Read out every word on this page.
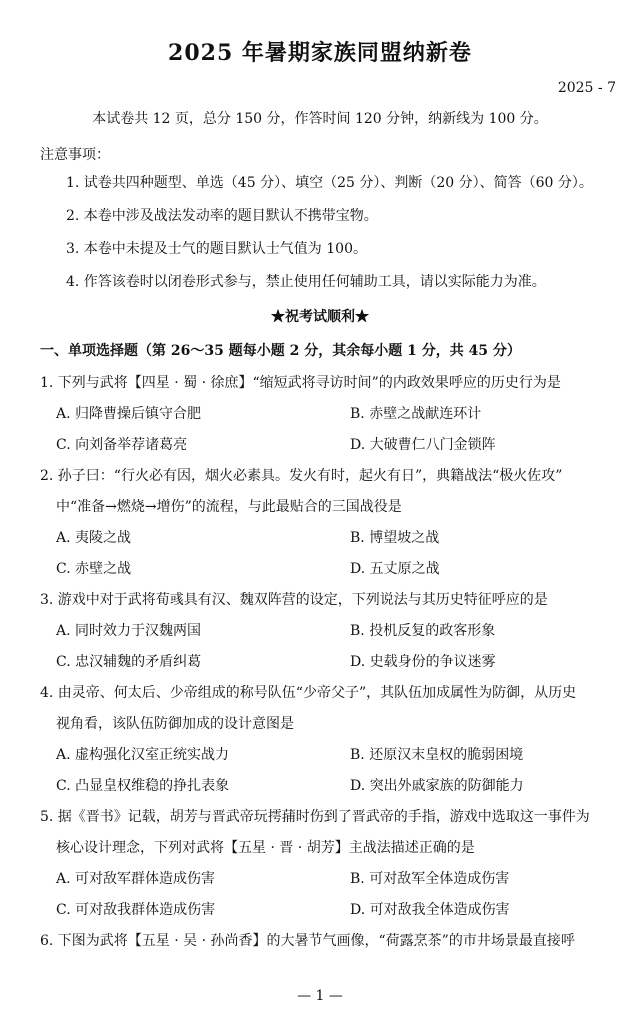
2025 年暑期家族同盟纳新卷
2025 - 7
本试卷共 12 页，总分 150 分，作答时间 120 分钟，纳新线为 100 分。
注意事项：
1. 试卷共四种题型、单选（45 分）、填空（25 分）、判断（20 分）、简答（60 分）。
2. 本卷中涉及战法发动率的题目默认不携带宝物。
3. 本卷中未提及士气的题目默认士气值为 100。
4. 作答该卷时以闭卷形式参与，禁止使用任何辅助工具，请以实际能力为准。
★祝考试顺利★
一、单项选择题（第 26～35 题每小题 2 分，其余每小题 1 分，共 45 分）
1. 下列与武将【四星 · 蜀 · 徐庶】“缩短武将寻访时间”的内政效果呼应的历史行为是
A. 归降曹操后镇守合肥	B. 赤壁之战献连环计
C. 向刘备举荐诸葛亮	D. 大破曹仁八门金锁阵
2. 孙子曰：“行火必有因，烟火必素具。发火有时，起火有日”，典籍战法“极火佐攻”
中“准备→燃烧→增伤”的流程，与此最贴合的三国战役是
A. 夷陵之战	B. 博望坡之战
C. 赤壁之战	D. 五丈原之战
3. 游戏中对于武将荀彧具有汉、魏双阵营的设定，下列说法与其历史特征呼应的是
A. 同时效力于汉魏两国	B. 投机反复的政客形象
C. 忠汉辅魏的矛盾纠葛	D. 史载身份的争议迷雾
4. 由灵帝、何太后、少帝组成的称号队伍“少帝父子”，其队伍加成属性为防御，从历史
视角看，该队伍防御加成的设计意图是
A. 虚构强化汉室正统实战力	B. 还原汉末皇权的脆弱困境
C. 凸显皇权维稳的挣扎表象	D. 突出外戚家族的防御能力
5. 据《晋书》记载，胡芳与晋武帝玩摴蒱时伤到了晋武帝的手指，游戏中选取这一事件为
核心设计理念，下列对武将【五星 · 晋 · 胡芳】主战法描述正确的是
A. 可对敌军群体造成伤害	B. 可对敌军全体造成伤害
C. 可对敌我群体造成伤害	D. 可对敌我全体造成伤害
6. 下图为武将【五星 · 吴 · 孙尚香】的大暑节气画像，“荷露烹茶”的市井场景最直接呼
— 1 —
